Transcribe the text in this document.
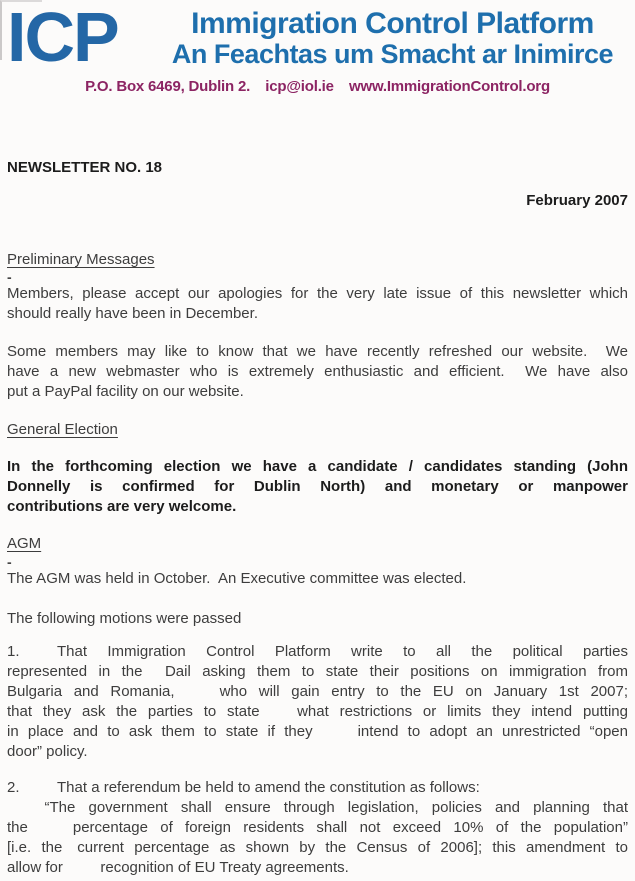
ICP	Immigration Control Platform
An Feachtas um Smacht ar Inimirce
P.O. Box 6469, Dublin 2.   icp@iol.ie   www.ImmigrationControl.org
NEWSLETTER NO. 18
February 2007
Preliminary Messages
-
Members, please accept our apologies for the very late issue of this newsletter which
should really have been in December.
Some members may like to know that we have recently refreshed our website.  We
have a new webmaster who is extremely enthusiastic and efficient.  We have also
put a PayPal facility on our website.
General Election
In the forthcoming election we have a candidate / candidates standing (John
Donnelly is confirmed for Dublin North) and monetary or manpower
contributions are very welcome.
AGM
-
The AGM was held in October.  An Executive committee was elected.
The following motions were passed
1.   That Immigration Control Platform write to all the political parties
represented in the  Dail asking them to state their positions on immigration from
Bulgaria and Romania,   who will gain entry to the EU on January 1st 2007;
that they ask the parties to state   what restrictions or limits they intend putting
in place and to ask them to state if they   intend to adopt an unrestricted “open
door” policy.
2.   That a referendum be held to amend the constitution as follows:
   “The government shall ensure through legislation, policies and planning that
the   percentage of foreign residents shall not exceed 10% of the population”
[i.e. the  current percentage as shown by the Census of 2006]; this amendment to
allow for   recognition of EU Treaty agreements.
